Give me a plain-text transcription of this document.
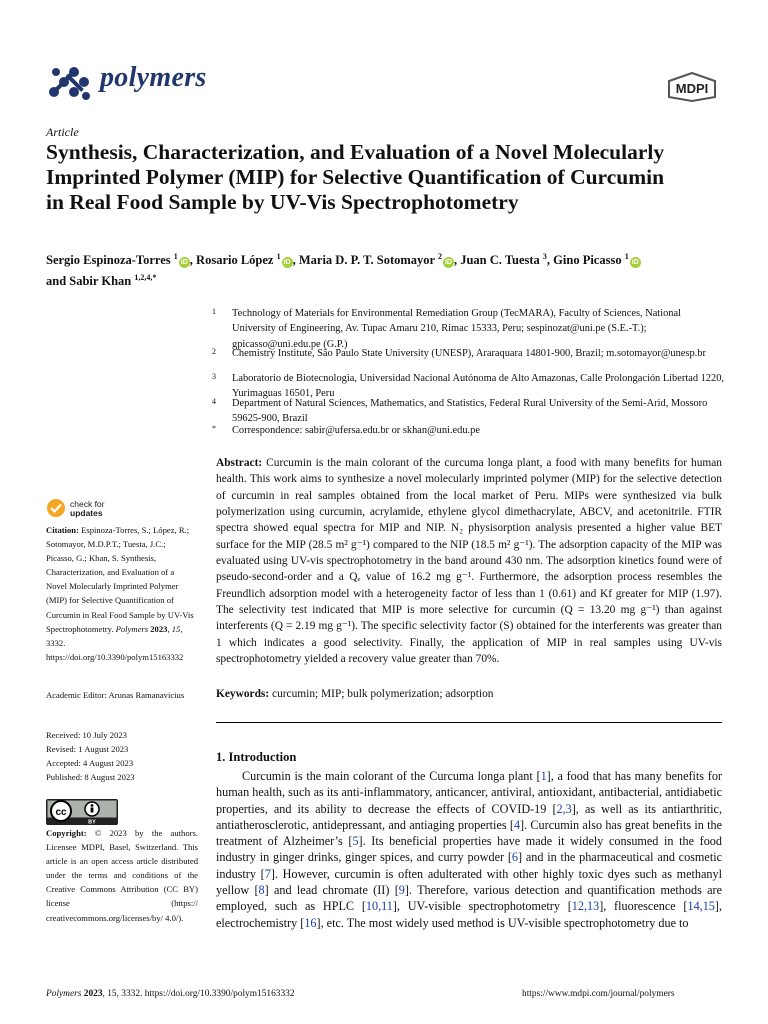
polymers	MDPI
Article
Synthesis, Characterization, and Evaluation of a Novel Molecularly Imprinted Polymer (MIP) for Selective Quantification of Curcumin in Real Food Sample by UV-Vis Spectrophotometry
Sergio Espinoza-Torres $^1$iD , Rosario López $^1$iD , Maria D. P. T. Sotomayor $^2$iD , Juan C. Tuesta $^3$, Gino Picasso $^1$iD
and Sabir Khan $^{1,2,4,*}$
1 Technology of Materials for Environmental Remediation Group (TecMARA), Faculty of Sciences, National University of Engineering, Av. Tupac Amaru 210, Rimac 15333, Peru; sespinozat@uni.pe (S.E.-T.); gpicasso@uni.edu.pe (G.P.)
2 Chemistry Institute, São Paulo State University (UNESP), Araraquara 14801-900, Brazil; m.sotomayor@unesp.br
3 Laboratorio de Biotecnologia, Universidad Nacional Autónoma de Alto Amazonas, Calle Prolongación Libertad 1220, Yurimaguas 16501, Peru
4 Department of Natural Sciences, Mathematics, and Statistics, Federal Rural University of the Semi-Arid, Mossoro 59625-900, Brazil
* Correspondence: sabir@ufersa.edu.br or skhan@uni.edu.pe
Abstract: Curcumin is the main colorant of the curcuma longa plant, a food with many benefits for human health. This work aims to synthesize a novel molecularly imprinted polymer (MIP) for the selective detection of curcumin in real samples obtained from the local market of Peru. MIPs were synthesized via bulk polymerization using curcumin, acrylamide, ethylene glycol dimethacrylate, ABCV, and acetonitrile. FTIR spectra showed equal spectra for MIP and NIP. N₂ physisorption analysis presented a higher value BET surface for the MIP (28.5 m² g⁻¹) compared to the NIP (18.5 m² g⁻¹). The adsorption capacity of the MIP was evaluated using UV-vis spectrophotometry in the band around 430 nm. The adsorption kinetics found were of pseudo-second-order and a Qₑ value of 16.2 mg g⁻¹. Furthermore, the adsorption process resembles the Freundlich adsorption model with a heterogeneity factor of less than 1 (0.61) and Kf greater for MIP (1.97). The selectivity test indicated that MIP is more selective for curcumin (Q = 13.20 mg g⁻¹) than against interferents (Q = 2.19 mg g⁻¹). The specific selectivity factor (S) obtained for the interferents was greater than 1 which indicates a good selectivity. Finally, the application of MIP in real samples using UV-vis spectrophotometry yielded a recovery value greater than 70%.
Keywords: curcumin; MIP; bulk polymerization; adsorption
1. Introduction
Curcumin is the main colorant of the Curcuma longa plant [1], a food that has many benefits for human health, such as its anti-inflammatory, anticancer, antiviral, antioxidant, antibacterial, antidiabetic properties, and its ability to decrease the effects of COVID-19 [2,3], as well as its antiarthritic, antiatherosclerotic, antidepressant, and antiaging properties [4]. Curcumin also has great benefits in the treatment of Alzheimer’s [5]. Its beneficial properties have made it widely consumed in the food industry in ginger drinks, ginger spices, and curry powder [6] and in the pharmaceutical and cosmetic industry [7]. However, curcumin is often adulterated with other highly toxic dyes such as methanyl yellow [8] and lead chromate (II) [9]. Therefore, various detection and quantification methods are employed, such as HPLC [10,11], UV-visible spectrophotometry [12,13], fluorescence [14,15], electrochemistry [16], etc. The most widely used method is UV-visible spectrophotometry due to
check for
updates
Citation: Espinoza-Torres, S.; López, R.; Sotomayor, M.D.P.T.; Tuesta, J.C.; Picasso, G.; Khan, S. Synthesis, Characterization, and Evaluation of a Novel Molecularly Imprinted Polymer (MIP) for Selective Quantification of Curcumin in Real Food Sample by UV-Vis Spectrophotometry. Polymers 2023, 15, 3332. https://doi.org/10.3390/polym15163332
Academic Editor: Arunas Ramanavicius
Received: 10 July 2023
Revised: 1 August 2023
Accepted: 4 August 2023
Published: 8 August 2023
cc
BY
Copyright: © 2023 by the authors. Licensee MDPI, Basel, Switzerland. This article is an open access article distributed under the terms and conditions of the Creative Commons Attribution (CC BY) license (https:// creativecommons.org/licenses/by/ 4.0/).
Polymers 2023, 15, 3332. https://doi.org/10.3390/polym15163332	https://www.mdpi.com/journal/polymers
